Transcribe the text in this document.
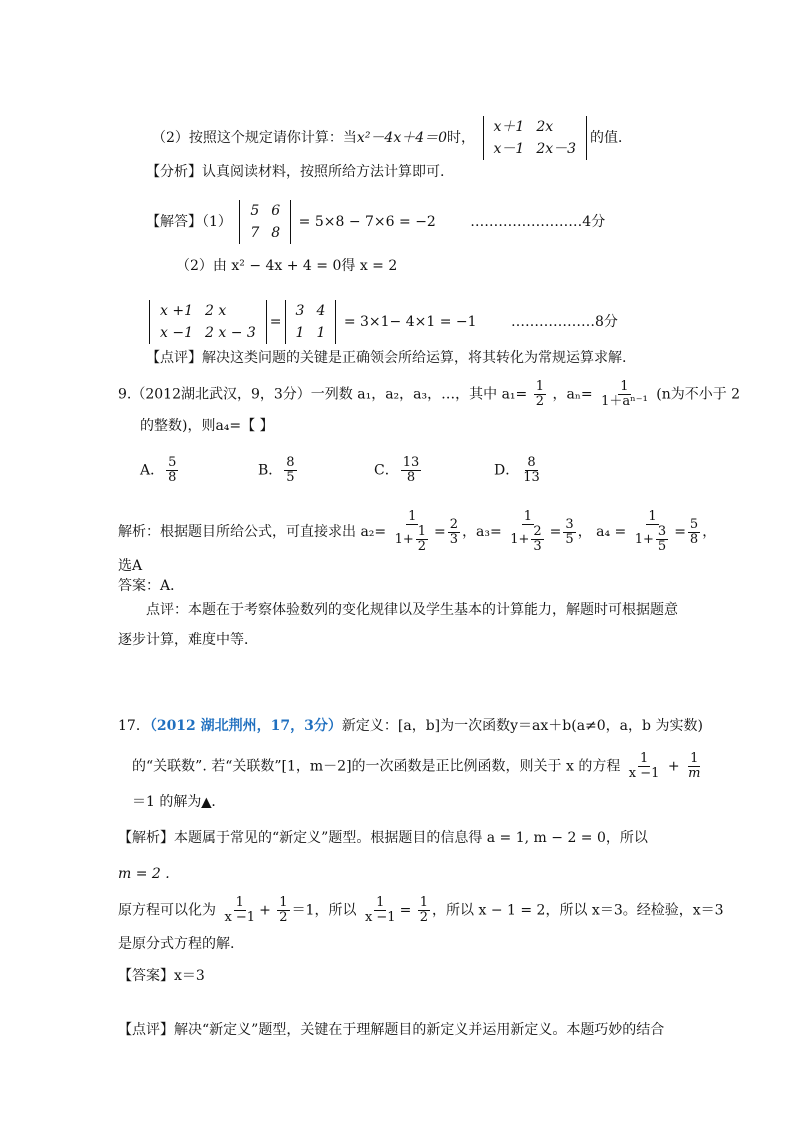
（2）按照这个规定请你计算：当x²－4x＋4＝0时，
x＋1	2x
x－1	2x－3
的值．
【分析】认真阅读材料，按照所给方法计算即可.
【解答】（1）
5	6
7	8
= 5×8 − 7×6 = −2 ……………………4分
（2）由 x² − 4x + 4 = 0得 x = 2
x +1	2 x
x −1	2 x − 3
=
3	4
1	1
= 3×1− 4×1 = −1 ………………8分
【点评】解决这类问题的关键是正确领会所给运算，将其转化为常规运算求解.
9.（2012湖北武汉，9，3分）一列数 a₁，a₂，a₃，…，其中 $a_1= \frac{1}{2}$ ，$a_n= \frac{1}{\text{1＋aⁿ⁻¹}} (n$为不小于 2
的整数)，则a₄=【 】
A． $\frac{5}{8}$	B． $\frac{8}{5}$	C． $\frac{13}{8}$	D． $\frac{8}{13}$
解析：根据题目所给公式，可直接求出 $a_2= \frac{1}{1+ \frac{1}{2}} = \frac{2}{3}$ ，$a_3= \frac{1}{1+ \frac{2}{3}} = \frac{3}{5}$ ， $a_4 = \frac{1}{1+ \frac{3}{5}} = \frac{5}{8}$ ，
选A
答案：A．
点评：本题在于考察体验数列的变化规律以及学生基本的计算能力，解题时可根据题意
逐步计算，难度中等．
17．（2012 湖北荆州，17，3分）新定义：[a，b]为一次函数y＝ax＋b(a≠0，a，b 为实数)
的“关联数”. 若“关联数”[1，m－2]的一次函数是正比例函数，则关于 x 的方程 $\frac{1}{x -1} + \frac{1}{m}$
＝1 的解为▲．
【解析】本题属于常见的“新定义”题型。根据题目的信息得 a = 1, m − 2 = 0，所以
m = 2 .
原方程可以化为 $\frac{1}{x -1} + \frac{1}{2} =1$，所以 $\frac{1}{x -1} = \frac{1}{2}$ ，所以 x − 1 = 2，所以 x＝3。经检验，x＝3
是原分式方程的解.
【答案】x＝3
【点评】解决“新定义”题型，关键在于理解题目的新定义并运用新定义。本题巧妙的结合
